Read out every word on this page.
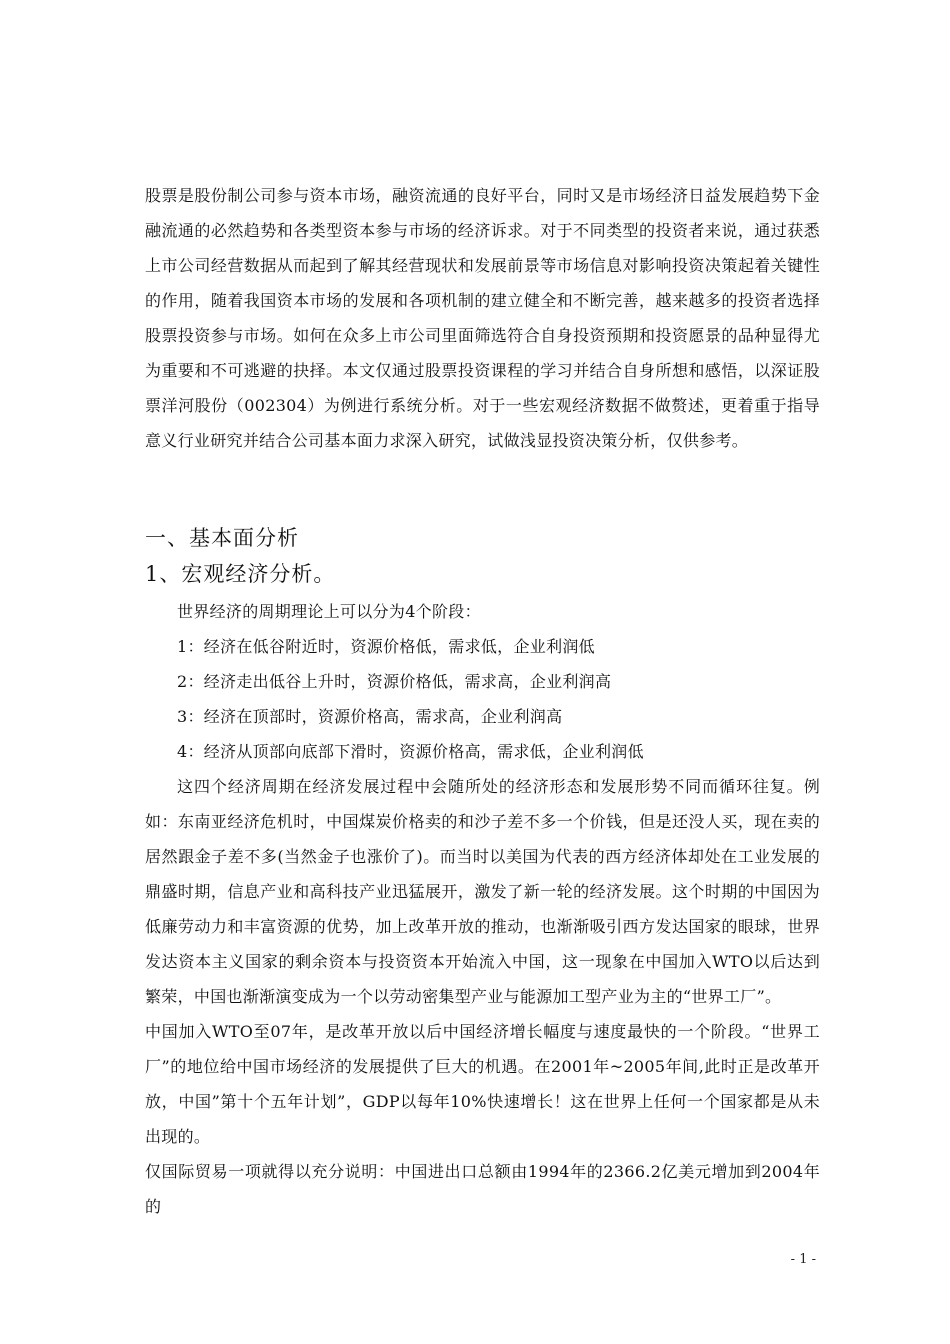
股票是股份制公司参与资本市场，融资流通的良好平台，同时又是市场经济日益发展趋势下金融流通的必然趋势和各类型资本参与市场的经济诉求。对于不同类型的投资者来说，通过获悉上市公司经营数据从而起到了解其经营现状和发展前景等市场信息对影响投资决策起着关键性的作用，随着我国资本市场的发展和各项机制的建立健全和不断完善，越来越多的投资者选择股票投资参与市场。如何在众多上市公司里面筛选符合自身投资预期和投资愿景的品种显得尤为重要和不可逃避的抉择。本文仅通过股票投资课程的学习并结合自身所想和感悟，以深证股票洋河股份（002304）为例进行系统分析。对于一些宏观经济数据不做赘述，更着重于指导意义行业研究并结合公司基本面力求深入研究，试做浅显投资决策分析，仅供参考。

一、基本面分析
1、宏观经济分析。

世界经济的周期理论上可以分为4个阶段：

1：经济在低谷附近时，资源价格低，需求低，企业利润低

2：经济走出低谷上升时，资源价格低，需求高，企业利润高

3：经济在顶部时，资源价格高，需求高，企业利润高

4：经济从顶部向底部下滑时，资源价格高，需求低，企业利润低

这四个经济周期在经济发展过程中会随所处的经济形态和发展形势不同而循环往复。例如：东南亚经济危机时，中国煤炭价格卖的和沙子差不多一个价钱，但是还没人买，现在卖的居然跟金子差不多(当然金子也涨价了)。而当时以美国为代表的西方经济体却处在工业发展的鼎盛时期，信息产业和高科技产业迅猛展开，激发了新一轮的经济发展。这个时期的中国因为低廉劳动力和丰富资源的优势，加上改革开放的推动，也渐渐吸引西方发达国家的眼球，世界发达资本主义国家的剩余资本与投资资本开始流入中国，这一现象在中国加入WTO以后达到繁荣，中国也渐渐演变成为一个以劳动密集型产业与能源加工型产业为主的“世界工厂”。

中国加入WTO至07年，是改革开放以后中国经济增长幅度与速度最快的一个阶段。“世界工厂”的地位给中国市场经济的发展提供了巨大的机遇。在2001年~2005年间,此时正是改革开放，中国”第十个五年计划”，GDP以每年10%快速增长！这在世界上任何一个国家都是从未出现的。

仅国际贸易一项就得以充分说明：中国进出口总额由1994年的2366.2亿美元增加到2004年的

- 1 -
